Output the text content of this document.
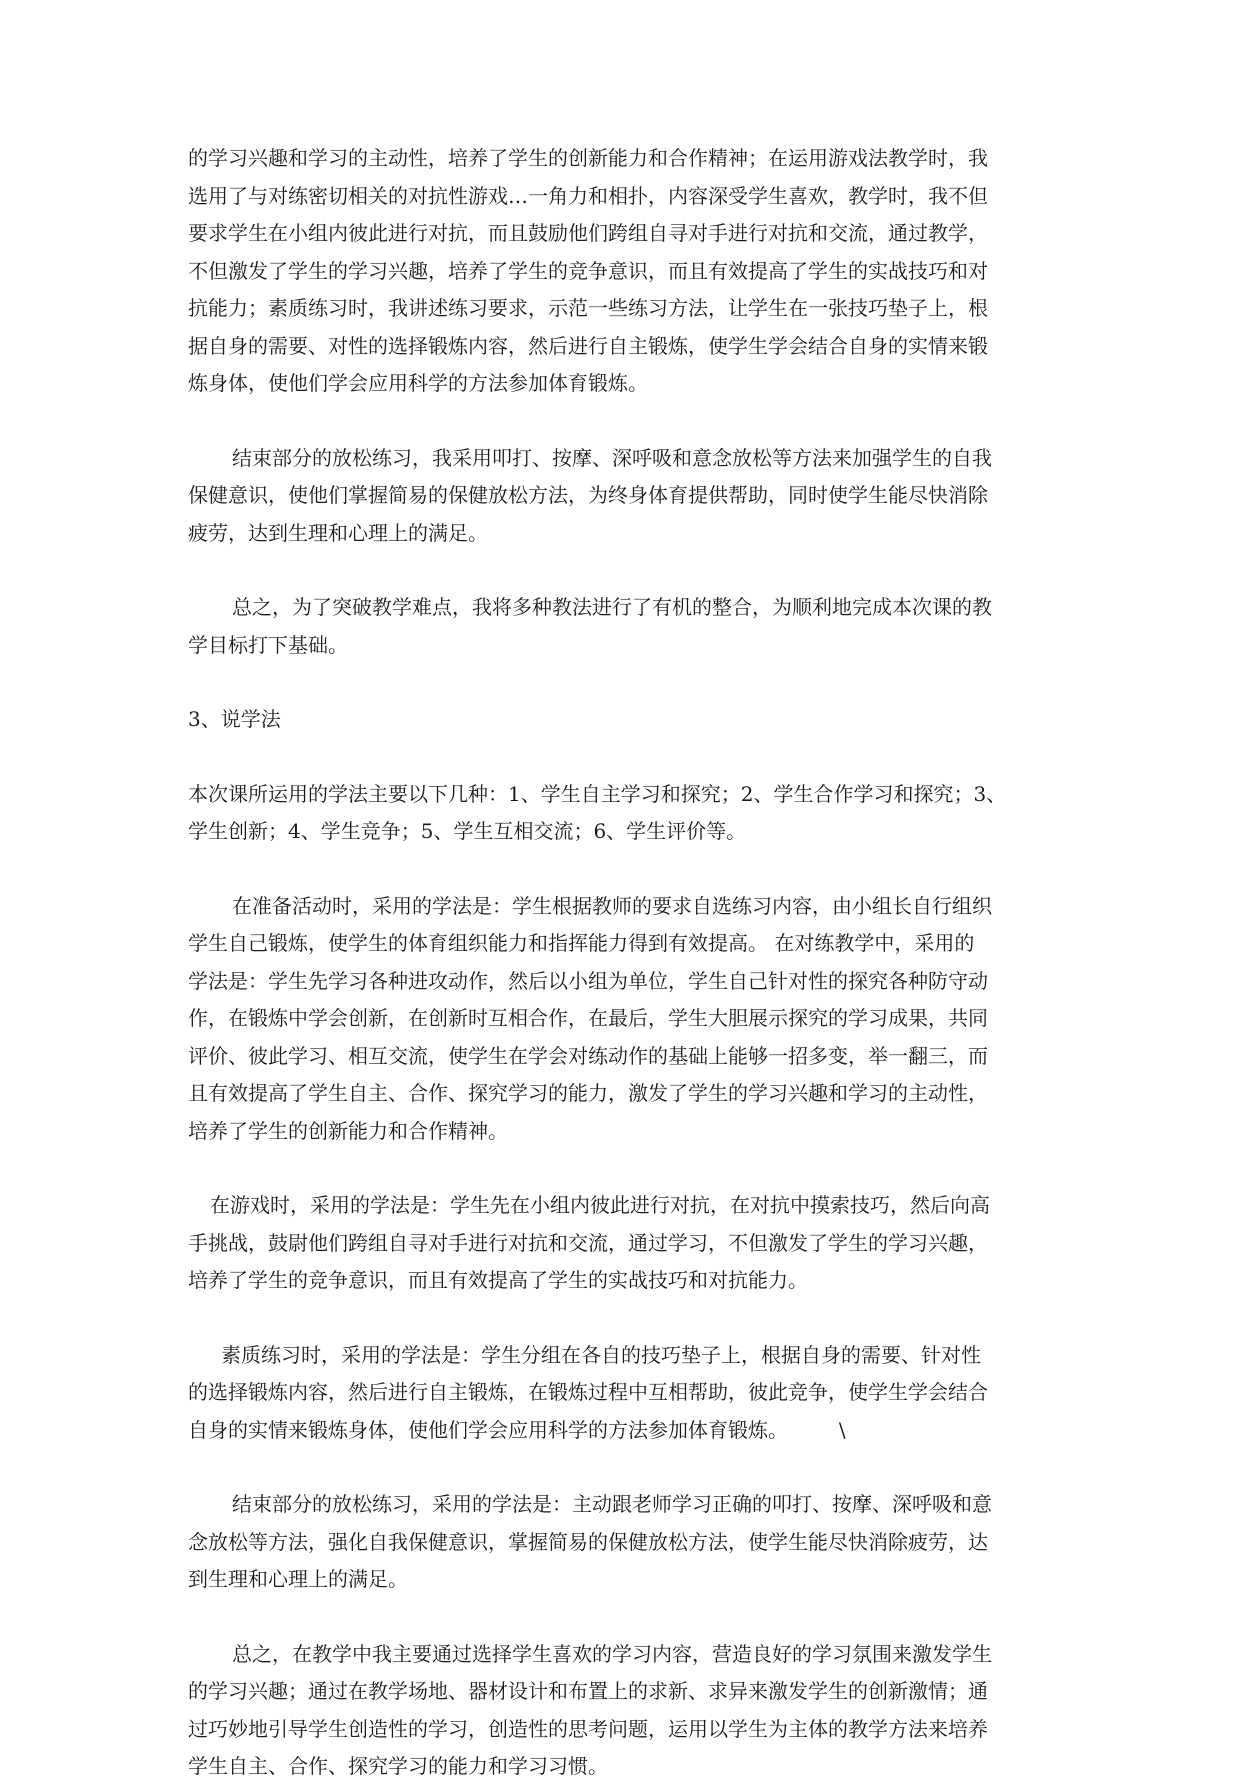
的学习兴趣和学习的主动性，培养了学生的创新能力和合作精神；在运用游戏法教学时，我

选用了与对练密切相关的对抗性游戏…一角力和相扑，内容深受学生喜欢，教学时，我不但

要求学生在小组内彼此进行对抗，而且鼓励他们跨组自寻对手进行对抗和交流，通过教学，

不但激发了学生的学习兴趣，培养了学生的竞争意识，而且有效提高了学生的实战技巧和对

抗能力；素质练习时，我讲述练习要求，示范一些练习方法，让学生在一张技巧垫子上，根

据自身的需要、对性的选择锻炼内容，然后进行自主锻炼，使学生学会结合自身的实情来锻

炼身体，使他们学会应用科学的方法参加体育锻炼。

结束部分的放松练习，我采用叩打、按摩、深呼吸和意念放松等方法来加强学生的自我

保健意识，使他们掌握简易的保健放松方法，为终身体育提供帮助，同时使学生能尽快消除

疲劳，达到生理和心理上的满足。

总之，为了突破教学难点，我将多种教法进行了有机的整合，为顺利地完成本次课的教

学目标打下基础。

3、说学法

本次课所运用的学法主要以下几种：1、学生自主学习和探究；2、学生合作学习和探究；3、

学生创新；4、学生竞争；5、学生互相交流；6、学生评价等。

在准备活动时，采用的学法是：学生根据教师的要求自选练习内容，由小组长自行组织

学生自己锻炼，使学生的体育组织能力和指挥能力得到有效提高。 在对练教学中，采用的

学法是：学生先学习各种进攻动作，然后以小组为单位，学生自己针对性的探究各种防守动

作，在锻炼中学会创新，在创新时互相合作，在最后，学生大胆展示探究的学习成果，共同

评价、彼此学习、相互交流，使学生在学会对练动作的基础上能够一招多变，举一翻三，而

且有效提高了学生自主、合作、探究学习的能力，激发了学生的学习兴趣和学习的主动性，

培养了学生的创新能力和合作精神。

在游戏时，采用的学法是：学生先在小组内彼此进行对抗，在对抗中摸索技巧，然后向高

手挑战，鼓尉他们跨组自寻对手进行对抗和交流，通过学习，不但激发了学生的学习兴趣，

培养了学生的竞争意识，而且有效提高了学生的实战技巧和对抗能力。

素质练习时，采用的学法是：学生分组在各自的技巧垫子上，根据自身的需要、针对性

的选择锻炼内容，然后进行自主锻炼，在锻炼过程中互相帮助，彼此竞争，使学生学会结合

自身的实情来锻炼身体，使他们学会应用科学的方法参加体育锻炼。        \

结束部分的放松练习，采用的学法是：主动跟老师学习正确的叩打、按摩、深呼吸和意

念放松等方法，强化自我保健意识，掌握简易的保健放松方法，使学生能尽快消除疲劳，达

到生理和心理上的满足。

总之，在教学中我主要通过选择学生喜欢的学习内容，营造良好的学习氛围来激发学生

的学习兴趣；通过在教学场地、器材设计和布置上的求新、求异来激发学生的创新激情；通

过巧妙地引导学生创造性的学习，创造性的思考问题，运用以学生为主体的教学方法来培养

学生自主、合作、探究学习的能力和学习习惯。
